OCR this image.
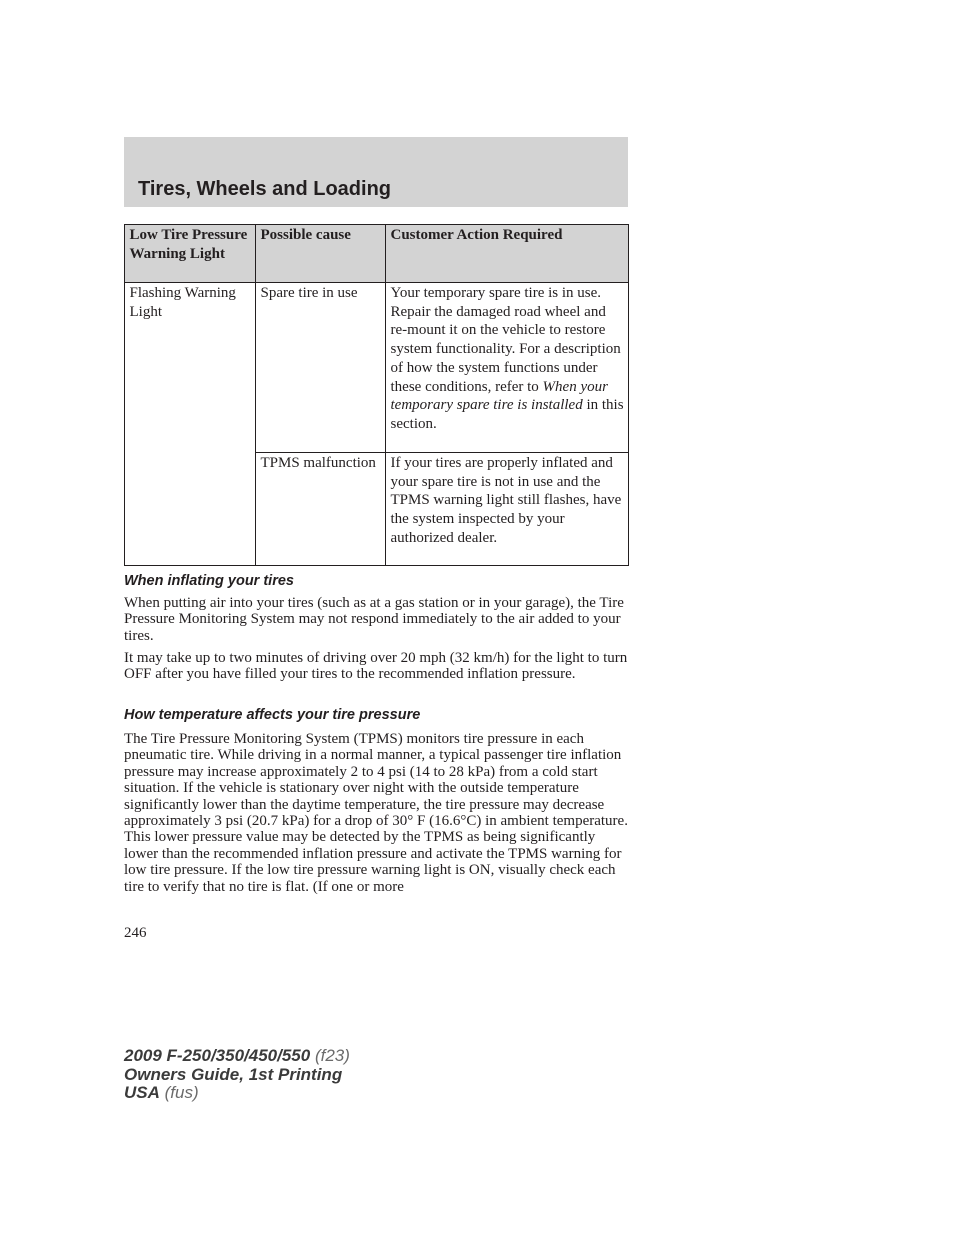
Tires, Wheels and Loading
Low Tire Pressure Warning Light	Possible cause	Customer Action Required
Flashing Warning Light	Spare tire in use	Your temporary spare tire is in use. Repair the damaged road wheel and re-mount it on the vehicle to restore system functionality. For a description of how the system functions under these conditions, refer to When your temporary spare tire is installed in this section.
	TPMS malfunction	If your tires are properly inflated and your spare tire is not in use and the TPMS warning light still flashes, have the system inspected by your authorized dealer.
When inflating your tires

When putting air into your tires (such as at a gas station or in your garage), the Tire Pressure Monitoring System may not respond immediately to the air added to your tires.

It may take up to two minutes of driving over 20 mph (32 km/h) for the light to turn OFF after you have filled your tires to the recommended inflation pressure.

How temperature affects your tire pressure

The Tire Pressure Monitoring System (TPMS) monitors tire pressure in each pneumatic tire. While driving in a normal manner, a typical passenger tire inflation pressure may increase approximately 2 to 4 psi (14 to 28 kPa) from a cold start situation. If the vehicle is stationary over night with the outside temperature significantly lower than the daytime temperature, the tire pressure may decrease approximately 3 psi (20.7 kPa) for a drop of 30° F (16.6°C) in ambient temperature. This lower pressure value may be detected by the TPMS as being significantly lower than the recommended inflation pressure and activate the TPMS warning for low tire pressure. If the low tire pressure warning light is ON, visually check each tire to verify that no tire is flat. (If one or more

246
2009 F-250/350/450/550 (f23)
Owners Guide, 1st Printing
USA (fus)
